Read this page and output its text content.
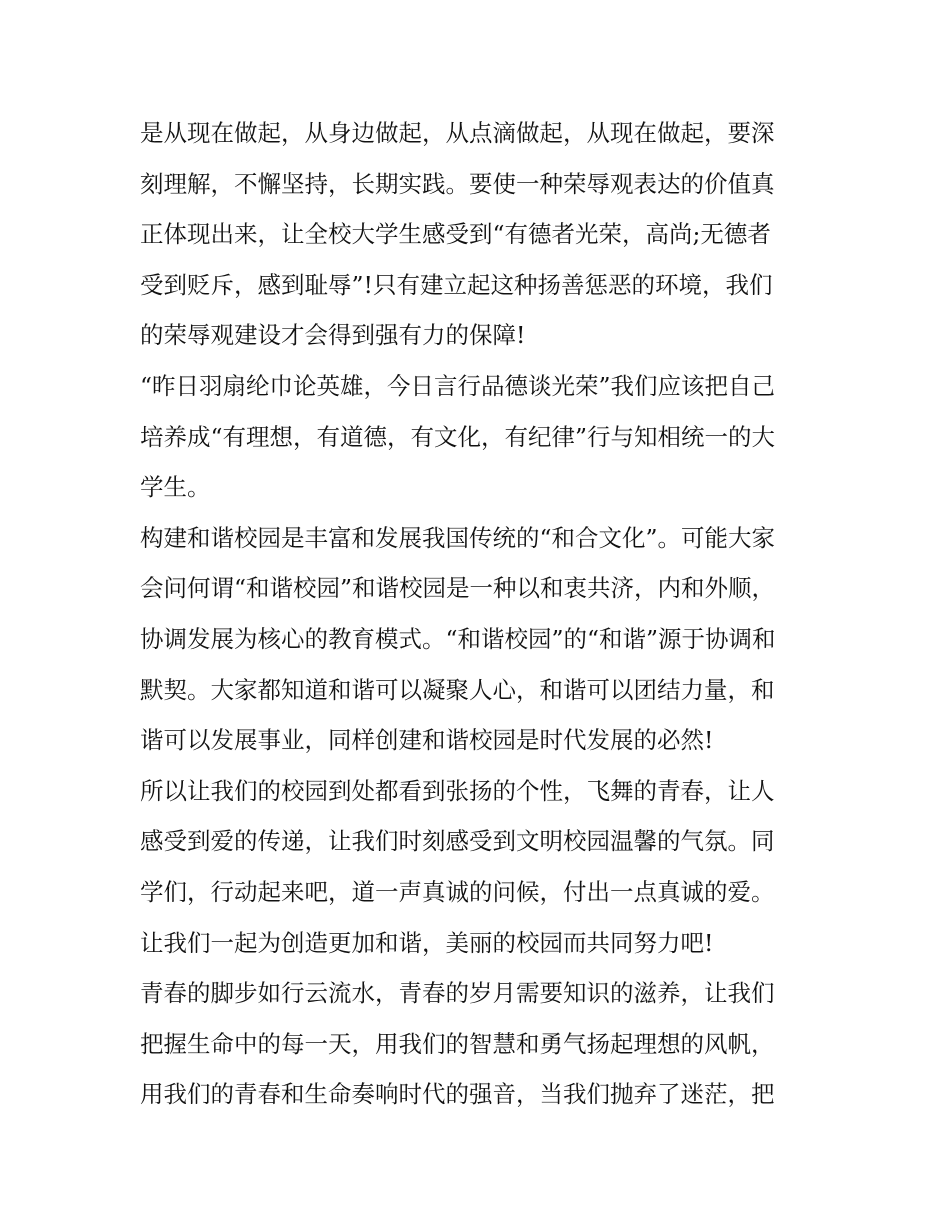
是从现在做起，从身边做起，从点滴做起，从现在做起，要深
刻理解，不懈坚持，长期实践。要使一种荣辱观表达的价值真
正体现出来，让全校大学生感受到“有德者光荣，高尚;无德者
受到贬斥，感到耻辱”!只有建立起这种扬善惩恶的环境，我们
的荣辱观建设才会得到强有力的保障!
“昨日羽扇纶巾论英雄，今日言行品德谈光荣”我们应该把自己
培养成“有理想，有道德，有文化，有纪律”行与知相统一的大
学生。
构建和谐校园是丰富和发展我国传统的“和合文化”。可能大家
会问何谓“和谐校园”和谐校园是一种以和衷共济，内和外顺，
协调发展为核心的教育模式。“和谐校园”的“和谐”源于协调和
默契。大家都知道和谐可以凝聚人心，和谐可以团结力量，和
谐可以发展事业，同样创建和谐校园是时代发展的必然!
所以让我们的校园到处都看到张扬的个性，飞舞的青春，让人
感受到爱的传递，让我们时刻感受到文明校园温馨的气氛。同
学们，行动起来吧，道一声真诚的问候，付出一点真诚的爱。
让我们一起为创造更加和谐，美丽的校园而共同努力吧!
青春的脚步如行云流水，青春的岁月需要知识的滋养，让我们
把握生命中的每一天，用我们的智慧和勇气扬起理想的风帆，
用我们的青春和生命奏响时代的强音，当我们抛弃了迷茫，把
